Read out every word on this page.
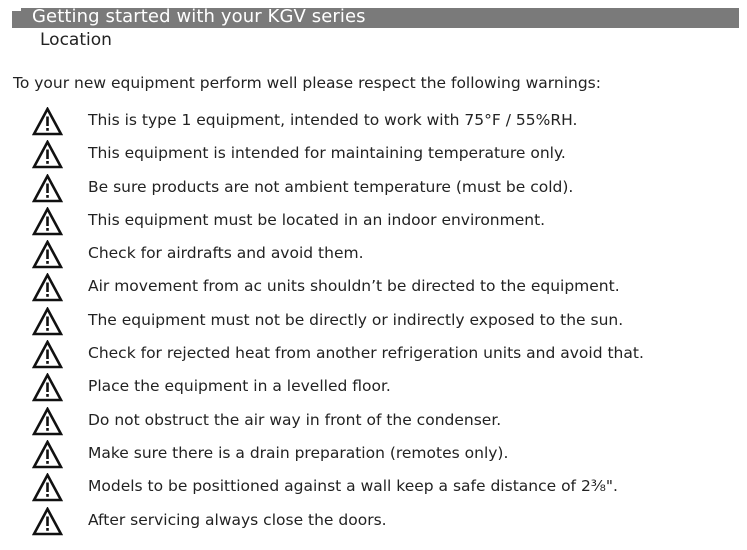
Getting started with your KGV series
Location
To your new equipment perform well please respect the following warnings:
This is type 1 equipment, intended to work with 75°F / 55%RH.
This equipment is intended for maintaining temperature only.
Be sure products are not ambient temperature (must be cold).
This equipment must be located in an indoor environment.
Check for airdrafts and avoid them.
Air movement from ac units shouldn’t be directed to the equipment.
The equipment must not be directly or indirectly exposed to the sun.
Check for rejected heat from another refrigeration units and avoid that.
Place the equipment in a levelled floor.
Do not obstruct the air way in front of the condenser.
Make sure there is a drain preparation (remotes only).
Models to be posittioned against a wall keep a safe distance of 2³⁄₈".
After servicing always close the doors.
